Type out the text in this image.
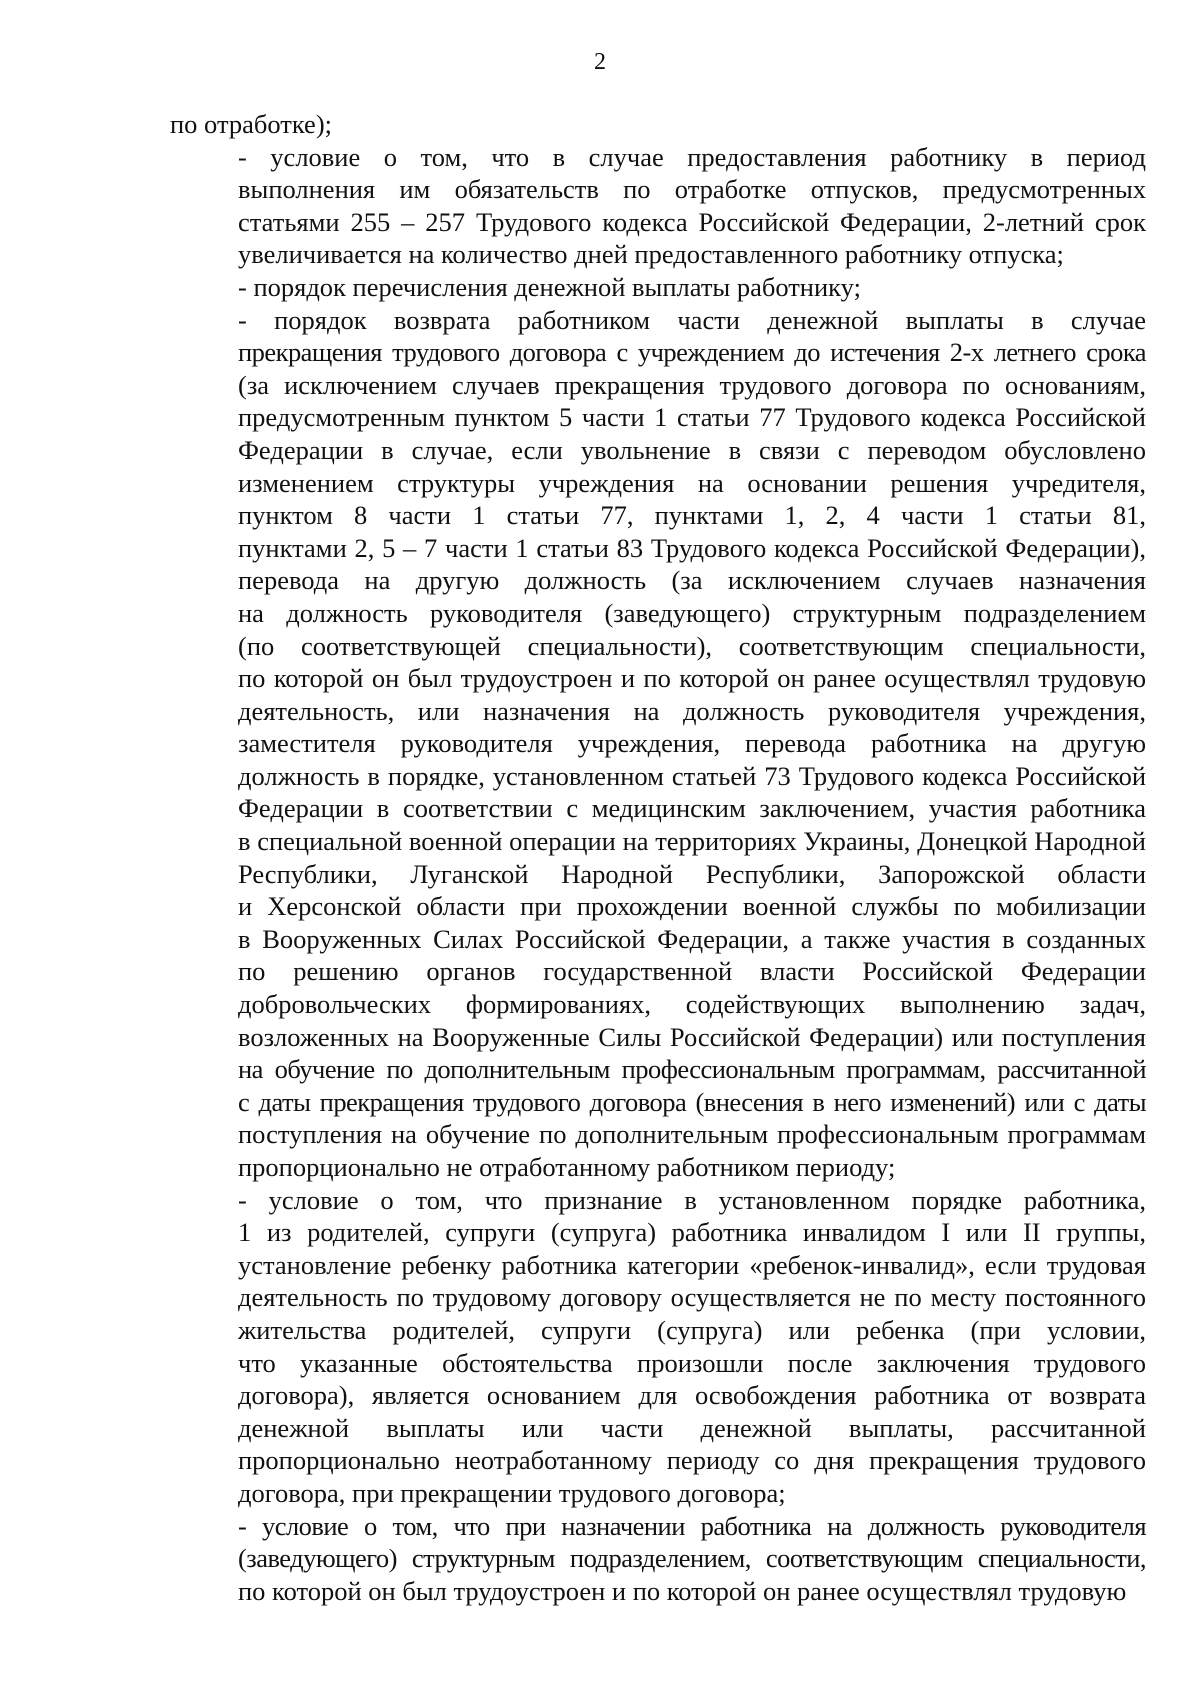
2
по отработке);
- условие о том, что в случае предоставления работнику в период
выполнения им обязательств по отработке отпусков, предусмотренных
статьями 255 – 257 Трудового кодекса Российской Федерации, 2-летний срок
увеличивается на количество дней предоставленного работнику отпуска;
- порядок перечисления денежной выплаты работнику;
- порядок возврата работником части денежной выплаты в случае
прекращения трудового договора с учреждением до истечения 2-х летнего срока
(за исключением случаев прекращения трудового договора по основаниям,
предусмотренным пунктом 5 части 1 статьи 77 Трудового кодекса Российской
Федерации в случае, если увольнение в связи с переводом обусловлено
изменением структуры учреждения на основании решения учредителя,
пунктом 8 части 1 статьи 77, пунктами 1, 2, 4 части 1 статьи 81,
пунктами 2, 5 – 7 части 1 статьи 83 Трудового кодекса Российской Федерации),
перевода на другую должность (за исключением случаев назначения
на должность руководителя (заведующего) структурным подразделением
(по соответствующей специальности), соответствующим специальности,
по которой он был трудоустроен и по которой он ранее осуществлял трудовую
деятельность, или назначения на должность руководителя учреждения,
заместителя руководителя учреждения, перевода работника на другую
должность в порядке, установленном статьей 73 Трудового кодекса Российской
Федерации в соответствии с медицинским заключением, участия работника
в специальной военной операции на территориях Украины, Донецкой Народной
Республики, Луганской Народной Республики, Запорожской области
и Херсонской области при прохождении военной службы по мобилизации
в Вооруженных Силах Российской Федерации, а также участия в созданных
по решению органов государственной власти Российской Федерации
добровольческих формированиях, содействующих выполнению задач,
возложенных на Вооруженные Силы Российской Федерации) или поступления
на обучение по дополнительным профессиональным программам, рассчитанной
с даты прекращения трудового договора (внесения в него изменений) или с даты
поступления на обучение по дополнительным профессиональным программам
пропорционально не отработанному работником периоду;
- условие о том, что признание в установленном порядке работника,
1 из родителей, супруги (супруга) работника инвалидом I или II группы,
установление ребенку работника категории «ребенок-инвалид», если трудовая
деятельность по трудовому договору осуществляется не по месту постоянного
жительства родителей, супруги (супруга) или ребенка (при условии,
что указанные обстоятельства произошли после заключения трудового
договора), является основанием для освобождения работника от возврата
денежной выплаты или части денежной выплаты, рассчитанной
пропорционально неотработанному периоду со дня прекращения трудового
договора, при прекращении трудового договора;
- условие о том, что при назначении работника на должность руководителя
(заведующего) структурным подразделением, соответствующим специальности,
по которой он был трудоустроен и по которой он ранее осуществлял трудовую
